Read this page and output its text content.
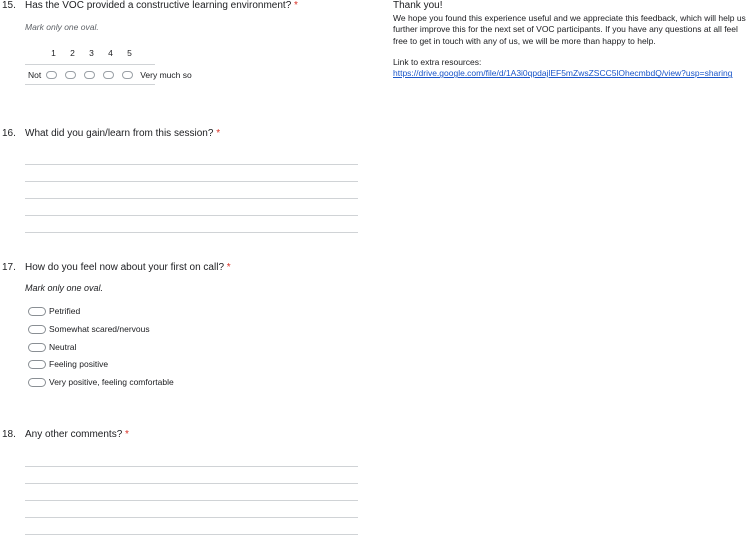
15. Has the VOC provided a constructive learning environment? *
Mark only one oval.
1	2	3	4	5
Not	Very much so
16. What did you gain/learn from this session? *
17. How do you feel now about your first on call? *
Mark only one oval.
Petrified
Somewhat scared/nervous
Neutral
Feeling positive
Very positive, feeling comfortable
18. Any other comments? *
Thank you!
We hope you found this experience useful and we appreciate this feedback, which will help us further improve this for the next set of VOC participants. If you have any questions at all feel free to get in touch with any of us, we will be more than happy to help.
Link to extra resources:
https://drive.google.com/file/d/1A3i0qpdajlEF5mZwsZSCC5lOhecmbdQ/view?usp=sharing
